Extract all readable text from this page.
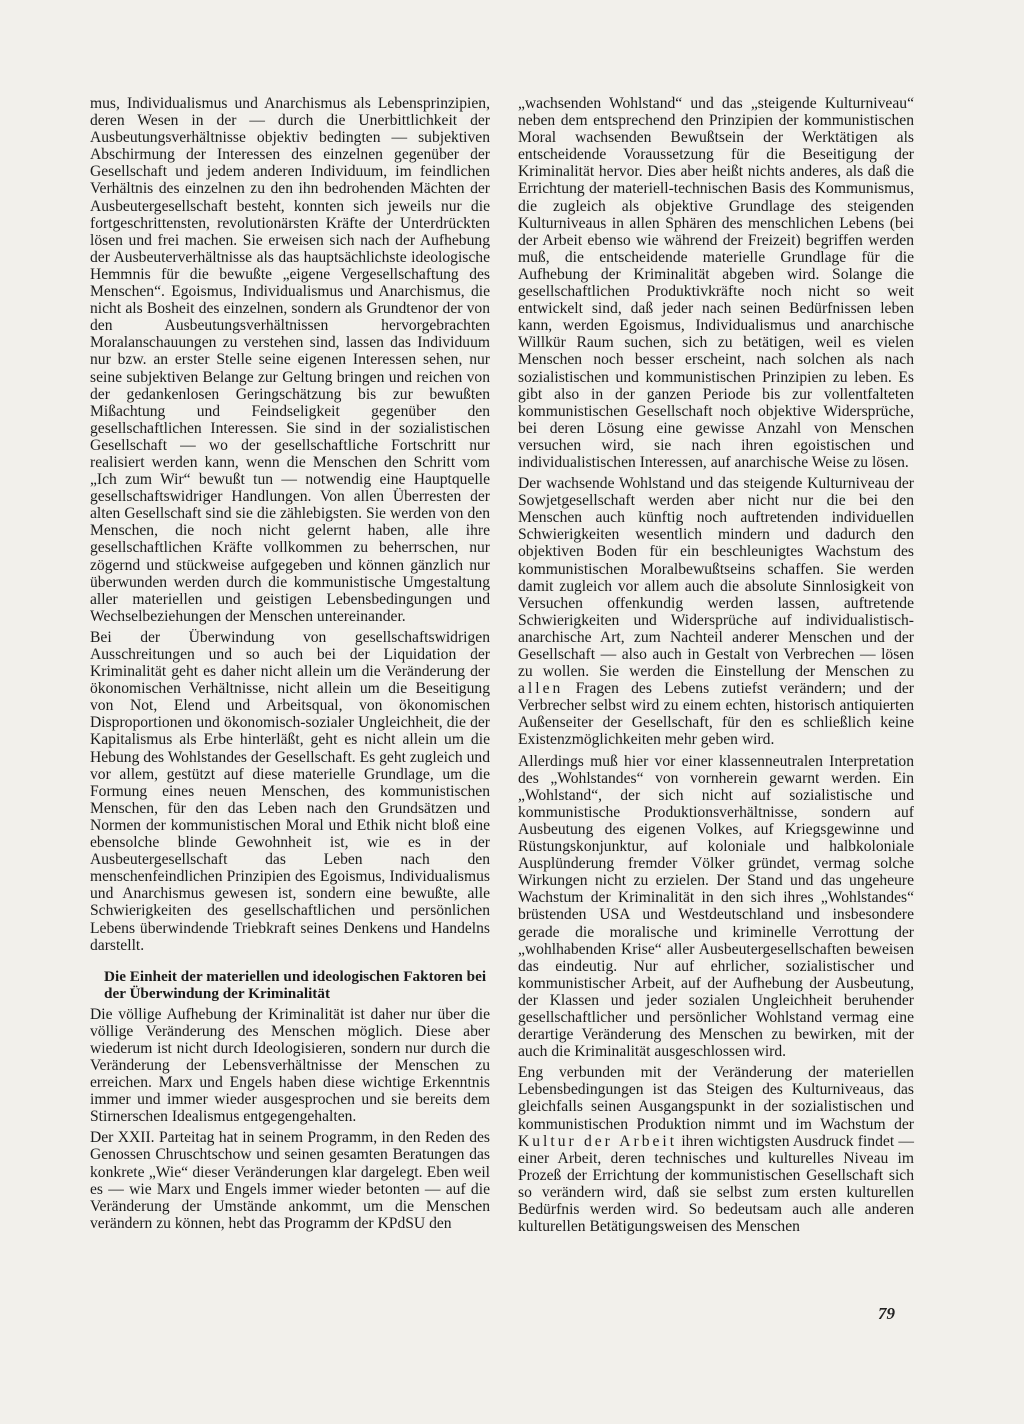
mus, Individualismus und Anarchismus als Lebensprinzipien, deren Wesen in der — durch die Unerbittlichkeit der Ausbeutungsverhältnisse objektiv bedingten — subjektiven Abschirmung der Interessen des einzelnen gegenüber der Gesellschaft und jedem anderen Individuum, im feindlichen Verhältnis des einzelnen zu den ihn bedrohenden Mächten der Ausbeutergesellschaft besteht, konnten sich jeweils nur die fortgeschrittensten, revolutionärsten Kräfte der Unterdrückten lösen und frei machen. Sie erweisen sich nach der Aufhebung der Ausbeuterverhältnisse als das hauptsächlichste ideologische Hemmnis für die bewußte „eigene Vergesellschaftung des Menschen“. Egoismus, Individualismus und Anarchismus, die nicht als Bosheit des einzelnen, sondern als Grundtenor der von den Ausbeutungsverhältnissen hervorgebrachten Moralanschauungen zu verstehen sind, lassen das Individuum nur bzw. an erster Stelle seine eigenen Interessen sehen, nur seine subjektiven Belange zur Geltung bringen und reichen von der gedankenlosen Geringschätzung bis zur bewußten Mißachtung und Feindseligkeit gegenüber den gesellschaftlichen Interessen. Sie sind in der sozialistischen Gesellschaft — wo der gesellschaftliche Fortschritt nur realisiert werden kann, wenn die Menschen den Schritt vom „Ich zum Wir“ bewußt tun — notwendig eine Hauptquelle gesellschaftswidriger Handlungen. Von allen Überresten der alten Gesellschaft sind sie die zählebigsten. Sie werden von den Menschen, die noch nicht gelernt haben, alle ihre gesellschaftlichen Kräfte vollkommen zu beherrschen, nur zögernd und stückweise aufgegeben und können gänzlich nur überwunden werden durch die kommunistische Umgestaltung aller materiellen und geistigen Lebensbedingungen und Wechselbeziehungen der Menschen untereinander.

Bei der Überwindung von gesellschaftswidrigen Ausschreitungen und so auch bei der Liquidation der Kriminalität geht es daher nicht allein um die Veränderung der ökonomischen Verhältnisse, nicht allein um die Beseitigung von Not, Elend und Arbeitsqual, von ökonomischen Disproportionen und ökonomisch-sozialer Ungleichheit, die der Kapitalismus als Erbe hinterläßt, geht es nicht allein um die Hebung des Wohlstandes der Gesellschaft. Es geht zugleich und vor allem, gestützt auf diese materielle Grundlage, um die Formung eines neuen Menschen, des kommunistischen Menschen, für den das Leben nach den Grundsätzen und Normen der kommunistischen Moral und Ethik nicht bloß eine ebensolche blinde Gewohnheit ist, wie es in der Ausbeutergesellschaft das Leben nach den menschenfeindlichen Prinzipien des Egoismus, Individualismus und Anarchismus gewesen ist, sondern eine bewußte, alle Schwierigkeiten des gesellschaftlichen und persönlichen Lebens überwindende Triebkraft seines Denkens und Handelns darstellt.

Die Einheit der materiellen und ideologischen Faktoren bei der Überwindung der Kriminalität

Die völlige Aufhebung der Kriminalität ist daher nur über die völlige Veränderung des Menschen möglich. Diese aber wiederum ist nicht durch Ideologisieren, sondern nur durch die Veränderung der Lebensverhältnisse der Menschen zu erreichen. Marx und Engels haben diese wichtige Erkenntnis immer und immer wieder ausgesprochen und sie bereits dem Stirnerschen Idealismus entgegengehalten.

Der XXII. Parteitag hat in seinem Programm, in den Reden des Genossen Chruschtschow und seinen gesamten Beratungen das konkrete „Wie“ dieser Veränderungen klar dargelegt. Eben weil es — wie Marx und Engels immer wieder betonten — auf die Veränderung der Umstände ankommt, um die Menschen verändern zu können, hebt das Programm der KPdSU den

„wachsenden Wohlstand“ und das „steigende Kulturniveau“ neben dem entsprechend den Prinzipien der kommunistischen Moral wachsenden Bewußtsein der Werktätigen als entscheidende Voraussetzung für die Beseitigung der Kriminalität hervor. Dies aber heißt nichts anderes, als daß die Errichtung der materiell-technischen Basis des Kommunismus, die zugleich als objektive Grundlage des steigenden Kulturniveaus in allen Sphären des menschlichen Lebens (bei der Arbeit ebenso wie während der Freizeit) begriffen werden muß, die entscheidende materielle Grundlage für die Aufhebung der Kriminalität abgeben wird. Solange die gesellschaftlichen Produktivkräfte noch nicht so weit entwickelt sind, daß jeder nach seinen Bedürfnissen leben kann, werden Egoismus, Individualismus und anarchische Willkür Raum suchen, sich zu betätigen, weil es vielen Menschen noch besser erscheint, nach solchen als nach sozialistischen und kommunistischen Prinzipien zu leben. Es gibt also in der ganzen Periode bis zur vollentfalteten kommunistischen Gesellschaft noch objektive Widersprüche, bei deren Lösung eine gewisse Anzahl von Menschen versuchen wird, sie nach ihren egoistischen und individualistischen Interessen, auf anarchische Weise zu lösen.

Der wachsende Wohlstand und das steigende Kulturniveau der Sowjetgesellschaft werden aber nicht nur die bei den Menschen auch künftig noch auftretenden individuellen Schwierigkeiten wesentlich mindern und dadurch den objektiven Boden für ein beschleunigtes Wachstum des kommunistischen Moralbewußtseins schaffen. Sie werden damit zugleich vor allem auch die absolute Sinnlosigkeit von Versuchen offenkundig werden lassen, auftretende Schwierigkeiten und Widersprüche auf individualistisch-anarchische Art, zum Nachteil anderer Menschen und der Gesellschaft — also auch in Gestalt von Verbrechen — lösen zu wollen. Sie werden die Einstellung der Menschen zu allen Fragen des Lebens zutiefst verändern; und der Verbrecher selbst wird zu einem echten, historisch antiquierten Außenseiter der Gesellschaft, für den es schließlich keine Existenzmöglichkeiten mehr geben wird.

Allerdings muß hier vor einer klassenneutralen Interpretation des „Wohlstandes“ von vornherein gewarnt werden. Ein „Wohlstand“, der sich nicht auf sozialistische und kommunistische Produktionsverhältnisse, sondern auf Ausbeutung des eigenen Volkes, auf Kriegsgewinne und Rüstungskonjunktur, auf koloniale und halbkoloniale Ausplünderung fremder Völker gründet, vermag solche Wirkungen nicht zu erzielen. Der Stand und das ungeheure Wachstum der Kriminalität in den sich ihres „Wohlstandes“ brüstenden USA und Westdeutschland und insbesondere gerade die moralische und kriminelle Verrottung der „wohlhabenden Krise“ aller Ausbeutergesellschaften beweisen das eindeutig. Nur auf ehrlicher, sozialistischer und kommunistischer Arbeit, auf der Aufhebung der Ausbeutung, der Klassen und jeder sozialen Ungleichheit beruhender gesellschaftlicher und persönlicher Wohlstand vermag eine derartige Veränderung des Menschen zu bewirken, mit der auch die Kriminalität ausgeschlossen wird.

Eng verbunden mit der Veränderung der materiellen Lebensbedingungen ist das Steigen des Kulturniveaus, das gleichfalls seinen Ausgangspunkt in der sozialistischen und kommunistischen Produktion nimmt und im Wachstum der Kultur der Arbeit ihren wichtigsten Ausdruck findet — einer Arbeit, deren technisches und kulturelles Niveau im Prozeß der Errichtung der kommunistischen Gesellschaft sich so verändern wird, daß sie selbst zum ersten kulturellen Bedürfnis werden wird. So bedeutsam auch alle anderen kulturellen Betätigungsweisen des Menschen

79
